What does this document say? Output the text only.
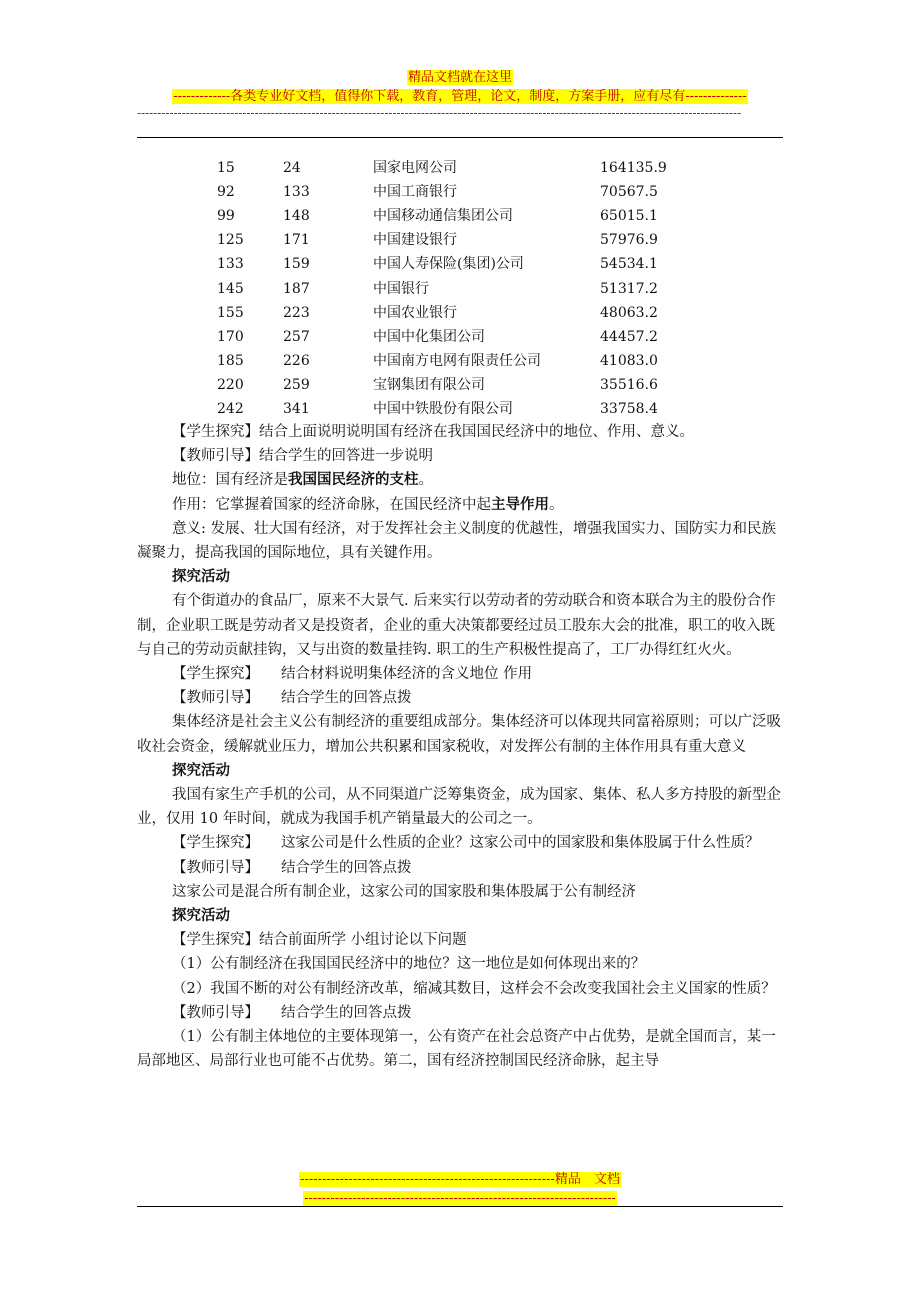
精品文档就在这里
-------------各类专业好文档，值得你下载，教育，管理，论文，制度，方案手册，应有尽有--------------
-----------------------------------------------------------------------------------------------------------------------------------------------------
15	24	国家电网公司	164135.9
92	133	中国工商银行	70567.5
99	148	中国移动通信集团公司	65015.1
125	171	中国建设银行	57976.9
133	159	中国人寿保险(集团)公司	54534.1
145	187	中国银行	51317.2
155	223	中国农业银行	48063.2
170	257	中国中化集团公司	44457.2
185	226	中国南方电网有限责任公司	41083.0
220	259	宝钢集团有限公司	35516.6
242	341	中国中铁股份有限公司	33758.4

【学生探究】结合上面说明说明国有经济在我国国民经济中的地位、作用、意义。

【教师引导】结合学生的回答进一步说明

地位：国有经济是我国国民经济的支柱。

作用：它掌握着国家的经济命脉，在国民经济中起主导作用。

意义: 发展、壮大国有经济，对于发挥社会主义制度的优越性，增强我国实力、国防实力和民族凝聚力，提高我国的国际地位，具有关键作用。

探究活动

有个街道办的食品厂，原来不大景气. 后来实行以劳动者的劳动联合和资本联合为主的股份合作制，企业职工既是劳动者又是投资者，企业的重大决策都要经过员工股东大会的批准，职工的收入既与自己的劳动贡献挂钩，又与出资的数量挂钩. 职工的生产积极性提高了，工厂办得红红火火。

【学生探究】 结合材料说明集体经济的含义地位 作用

【教师引导】 结合学生的回答点拨

集体经济是社会主义公有制经济的重要组成部分。集体经济可以体现共同富裕原则；可以广泛吸收社会资金，缓解就业压力，增加公共积累和国家税收，对发挥公有制的主体作用具有重大意义

探究活动

我国有家生产手机的公司，从不同渠道广泛筹集资金，成为国家、集体、私人多方持股的新型企业，仅用 10 年时间，就成为我国手机产销量最大的公司之一。

【学生探究】 这家公司是什么性质的企业？这家公司中的国家股和集体股属于什么性质？

【教师引导】 结合学生的回答点拨

这家公司是混合所有制企业，这家公司的国家股和集体股属于公有制经济

探究活动

【学生探究】结合前面所学 小组讨论以下问题

（1）公有制经济在我国国民经济中的地位？这一地位是如何体现出来的？

（2）我国不断的对公有制经济改革，缩减其数目，这样会不会改变我国社会主义国家的性质？

【教师引导】 结合学生的回答点拨

（1）公有制主体地位的主要体现第一，公有资产在社会总资产中占优势，是就全国而言，某一局部地区、局部行业也可能不占优势。第二，国有经济控制国民经济命脉，起主导

----------------------------------------------------------精品　文档
-----------------------------------------------------------------------
